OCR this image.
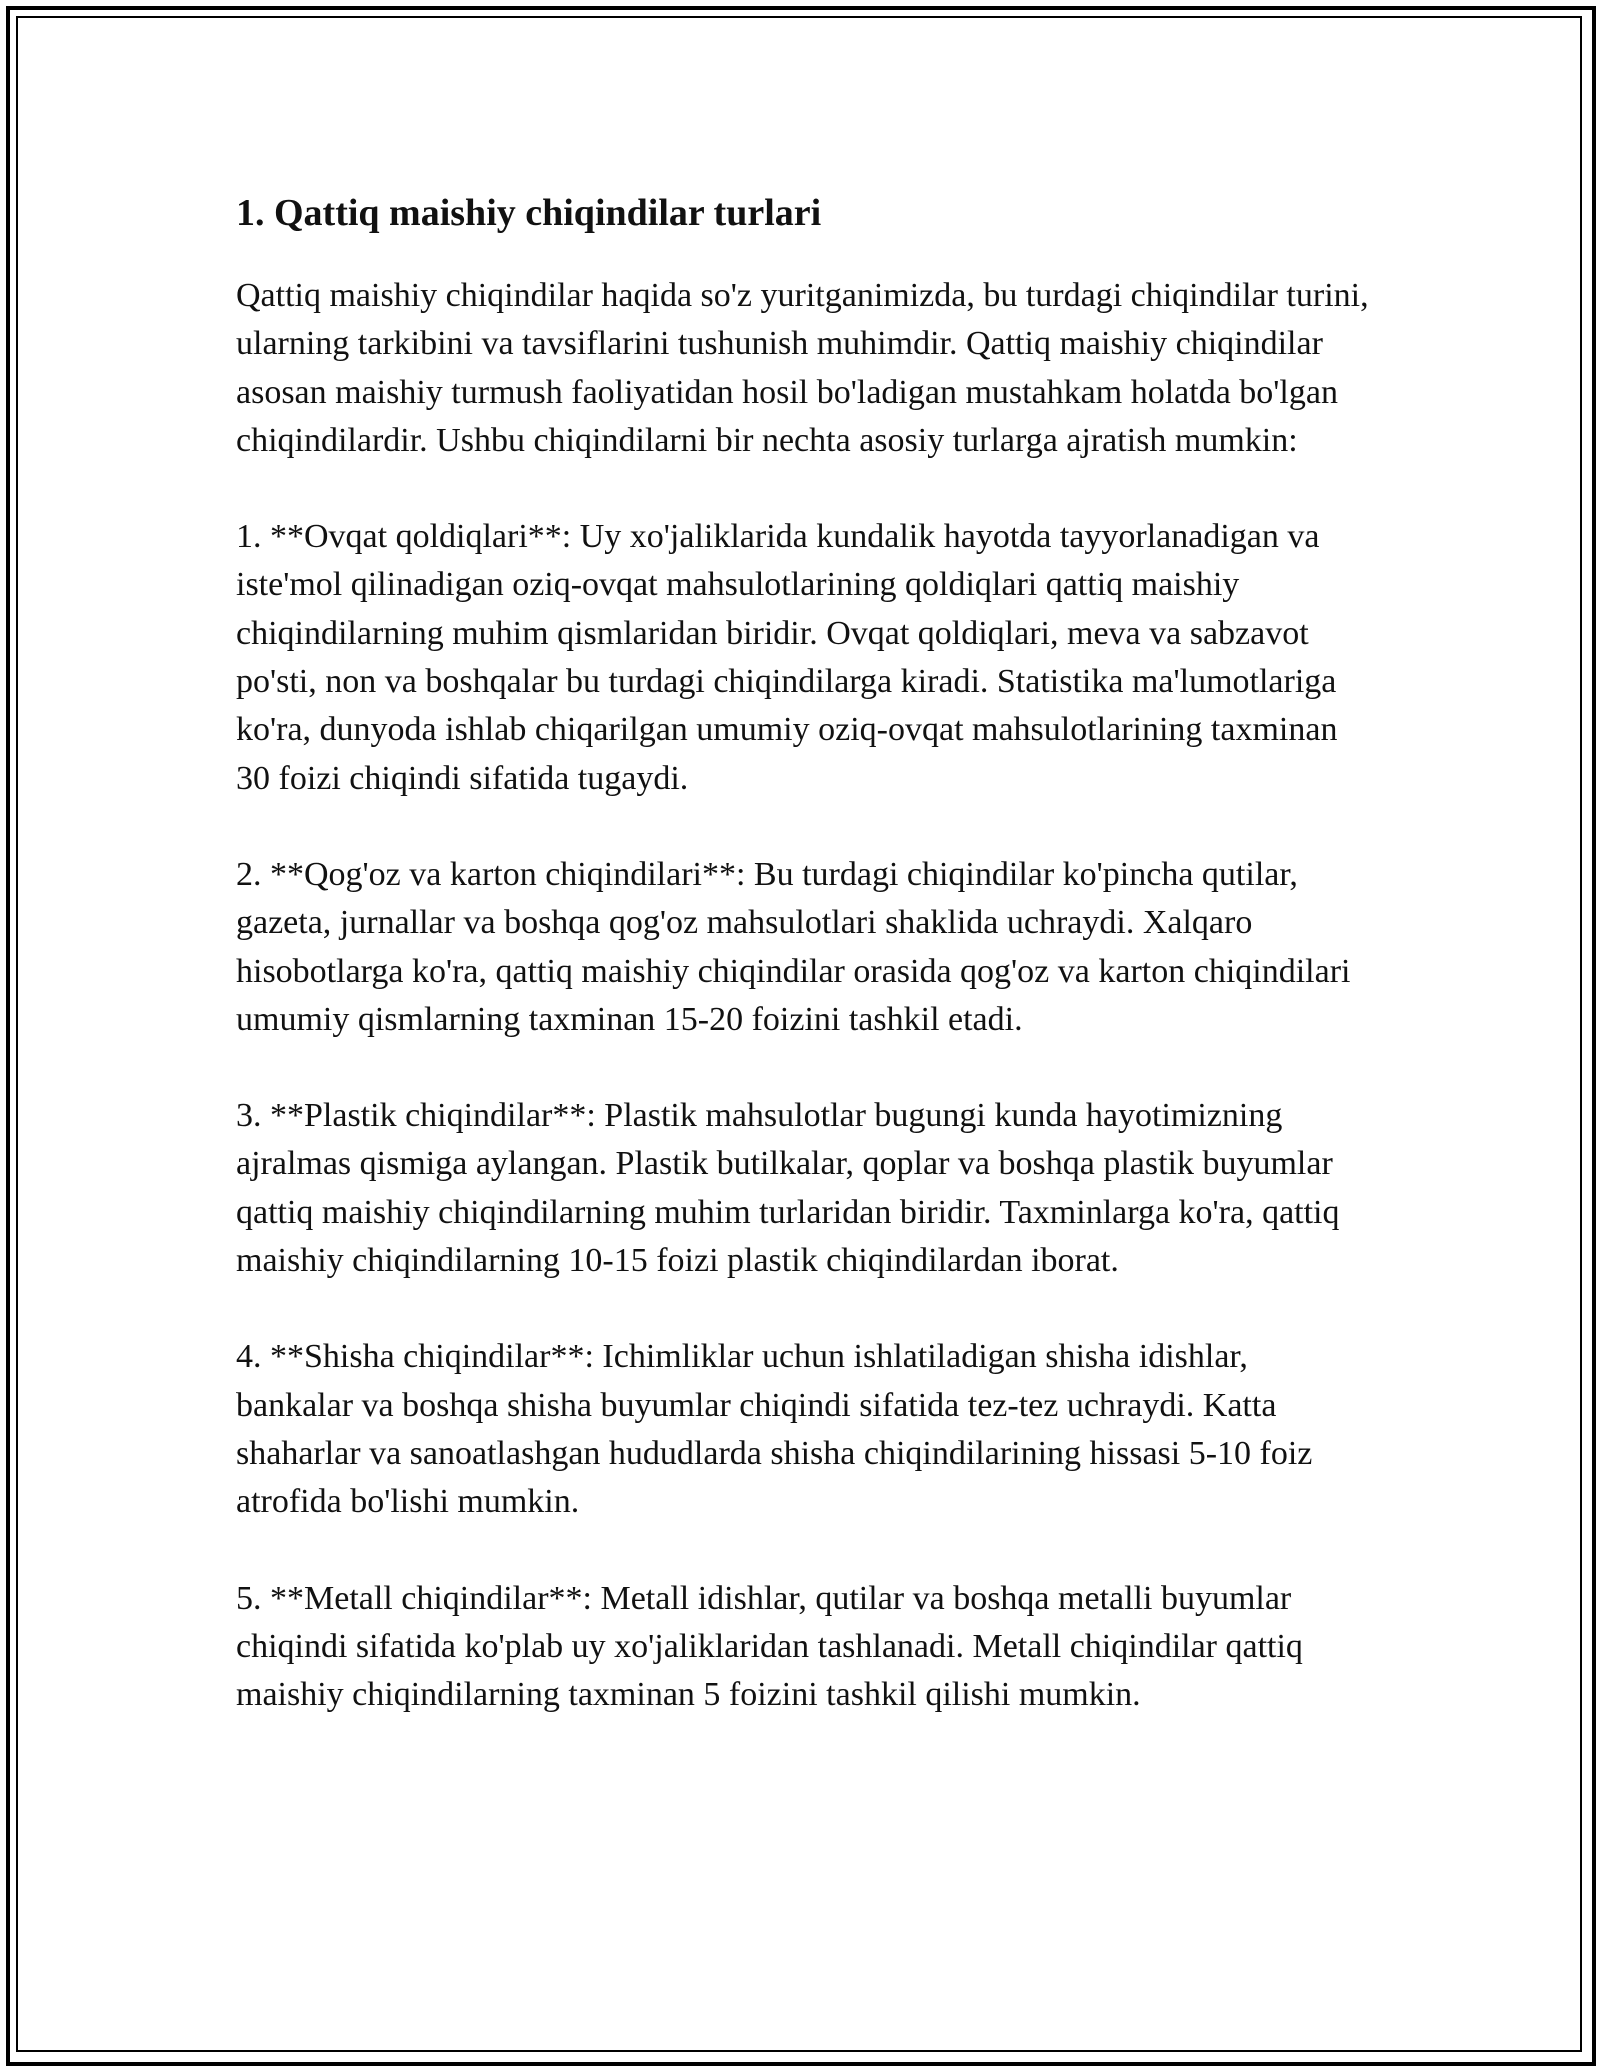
1. Qattiq maishiy chiqindilar turlari

Qattiq maishiy chiqindilar haqida so'z yuritganimizda, bu turdagi chiqindilar turini, ularning tarkibini va tavsiflarini tushunish muhimdir. Qattiq maishiy chiqindilar asosan maishiy turmush faoliyatidan hosil bo'ladigan mustahkam holatda bo'lgan chiqindilardir. Ushbu chiqindilarni bir nechta asosiy turlarga ajratish mumkin:

1. **Ovqat qoldiqlari**: Uy xo'jaliklarida kundalik hayotda tayyorlanadigan va iste'mol qilinadigan oziq-ovqat mahsulotlarining qoldiqlari qattiq maishiy chiqindilarning muhim qismlaridan biridir. Ovqat qoldiqlari, meva va sabzavot po'sti, non va boshqalar bu turdagi chiqindilarga kiradi. Statistika ma'lumotlariga ko'ra, dunyoda ishlab chiqarilgan umumiy oziq-ovqat mahsulotlarining taxminan 30 foizi chiqindi sifatida tugaydi.

2. **Qog'oz va karton chiqindilari**: Bu turdagi chiqindilar ko'pincha qutilar, gazeta, jurnallar va boshqa qog'oz mahsulotlari shaklida uchraydi. Xalqaro hisobotlarga ko'ra, qattiq maishiy chiqindilar orasida qog'oz va karton chiqindilari umumiy qismlarning taxminan 15-20 foizini tashkil etadi.

3. **Plastik chiqindilar**: Plastik mahsulotlar bugungi kunda hayotimizning ajralmas qismiga aylangan. Plastik butilkalar, qoplar va boshqa plastik buyumlar qattiq maishiy chiqindilarning muhim turlaridan biridir. Taxminlarga ko'ra, qattiq maishiy chiqindilarning 10-15 foizi plastik chiqindilardan iborat.

4. **Shisha chiqindilar**: Ichimliklar uchun ishlatiladigan shisha idishlar, bankalar va boshqa shisha buyumlar chiqindi sifatida tez-tez uchraydi. Katta shaharlar va sanoatlashgan hududlarda shisha chiqindilarining hissasi 5-10 foiz atrofida bo'lishi mumkin.

5. **Metall chiqindilar**: Metall idishlar, qutilar va boshqa metalli buyumlar chiqindi sifatida ko'plab uy xo'jaliklaridan tashlanadi. Metall chiqindilar qattiq maishiy chiqindilarning taxminan 5 foizini tashkil qilishi mumkin.
